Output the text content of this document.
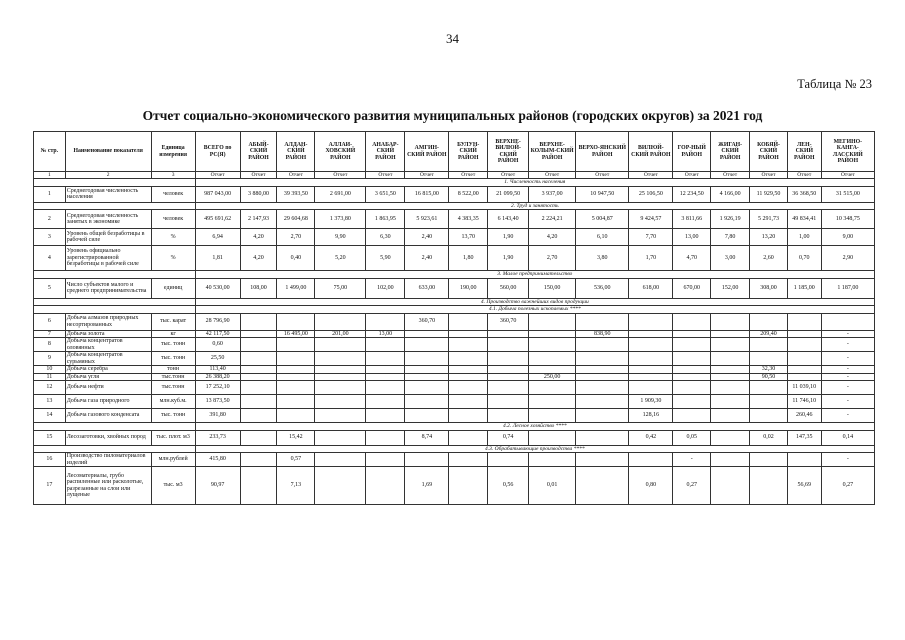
34
Таблица № 23
Отчет социально-экономического развития муниципальных районов (городских округов) за 2021 год
№ стр.	Наименование показателя	Единица измерения	ВСЕГО по РС(Я)	АБЫЙ-СКИЙ РАЙОН	АЛДАН-СКИЙ РАЙОН	АЛЛАИ-ХОВСКИЙ РАЙОН	АНАБАР-СКИЙ РАЙОН	АМГИН-СКИЙ РАЙОН	БУЛУН-СКИЙ РАЙОН	ВЕРХНЕ-ВИЛЮЙ-СКИЙ РАЙОН	ВЕРХНЕ-КОЛЫМ-СКИЙ РАЙОН	ВЕРХО-ЯНСКИЙ РАЙОН	ВИЛЮЙ-СКИЙ РАЙОН	ГОР-НЫЙ РАЙОН	ЖИГАН-СКИЙ РАЙОН	КОБЯЙ-СКИЙ РАЙОН	ЛЕН-СКИЙ РАЙОН	МЕГИНО-КАНГА-ЛАССКИЙ РАЙОН
1	2	3	Отчет	Отчет	Отчет	Отчет	Отчет	Отчет	Отчет	Отчет	Отчет	Отчет	Отчет	Отчет	Отчет	Отчет	Отчет	Отчет
			1. Численность населения															
1	Среднегодовая численность населения	человек	987 043,00	3 880,00	39 393,50	2 691,00	3 651,50	16 815,00	8 522,00	21 099,50	3 937,00	10 947,50	25 106,50	12 234,50	4 166,00	11 929,50	36 368,50	31 515,00
			2. Труд и занятость															
2	Среднегодовая численность занятых в экономике	человек	495 691,62	2 147,93	29 604,68	1 373,80	1 863,95	5 923,61	4 383,35	6 143,40	2 224,21	5 004,87	9 424,57	3 811,66	1 926,19	5 291,73	49 834,41	10 348,75
3	Уровень общей безработицы в рабочей силе	%	6,94	4,20	2,70	9,90	6,30	2,40	13,70	1,90	4,20	6,10	7,70	13,00	7,80	13,20	1,00	9,00
4	Уровень официально зарегистрированной безработицы в рабочей силе	%	1,81	4,20	0,40	5,20	5,90	2,40	1,80	1,90	2,70	3,80	1,70	4,70	3,00	2,60	0,70	2,90
			3. Малое предпринимательство															
5	Число субъектов малого и среднего предпринимательства	единиц	40 530,00	108,00	1 499,00	75,00	102,00	633,00	190,00	560,00	150,00	536,00	618,00	670,00	152,00	308,00	1 185,00	1 187,00
			4. Производство важнейших видов продукции															
			4.1. Добыча полезных ископаемых ****															
6	Добыча алмазов природных несортированных	тыс. карат	28 796,90					360,70		360,70								
7	Добыча золота	кг	42 117,50		16 495,00	201,00	13,00					838,90				209,40		-
8	Добыча концентратов оловянных	тыс. тонн	0,60															-
9	Добыча концентратов сурьмяных	тыс. тонн	25,50															-
10	Добыча серебра	тонн	113,40													32,30		-
11	Добыча угля	тыс.тонн	26 388,20								250,00					90,50		-
12	Добыча нефти	тыс.тонн	17 252,10														11 039,10	-
13	Добыча газа природного	млн.куб.м.	13 873,50										1 909,30				11 746,10	-
14	Добыча газового конденсата	тыс. тонн	391,80										128,16				260,46	-
			4.2. Лесное хозяйство ****															
15	Лесозаготовки, хвойных пород	тыс. плот. м3	233,73		15,42			8,74		0,74			0,42	0,05		0,02	147,35	0,14
			4.3. Обрабатывающие производства ****															
16	Производство пиломатериалов изделий	млн.рублей	415,80		0,57									-				-
17	Лесоматериалы, грубо распиленные или расколотые, разрезанные на слои или лущеные	тыс. м3	90,97		7,13			1,69		0,56	0,01		0,80	0,27			56,69	0,27
